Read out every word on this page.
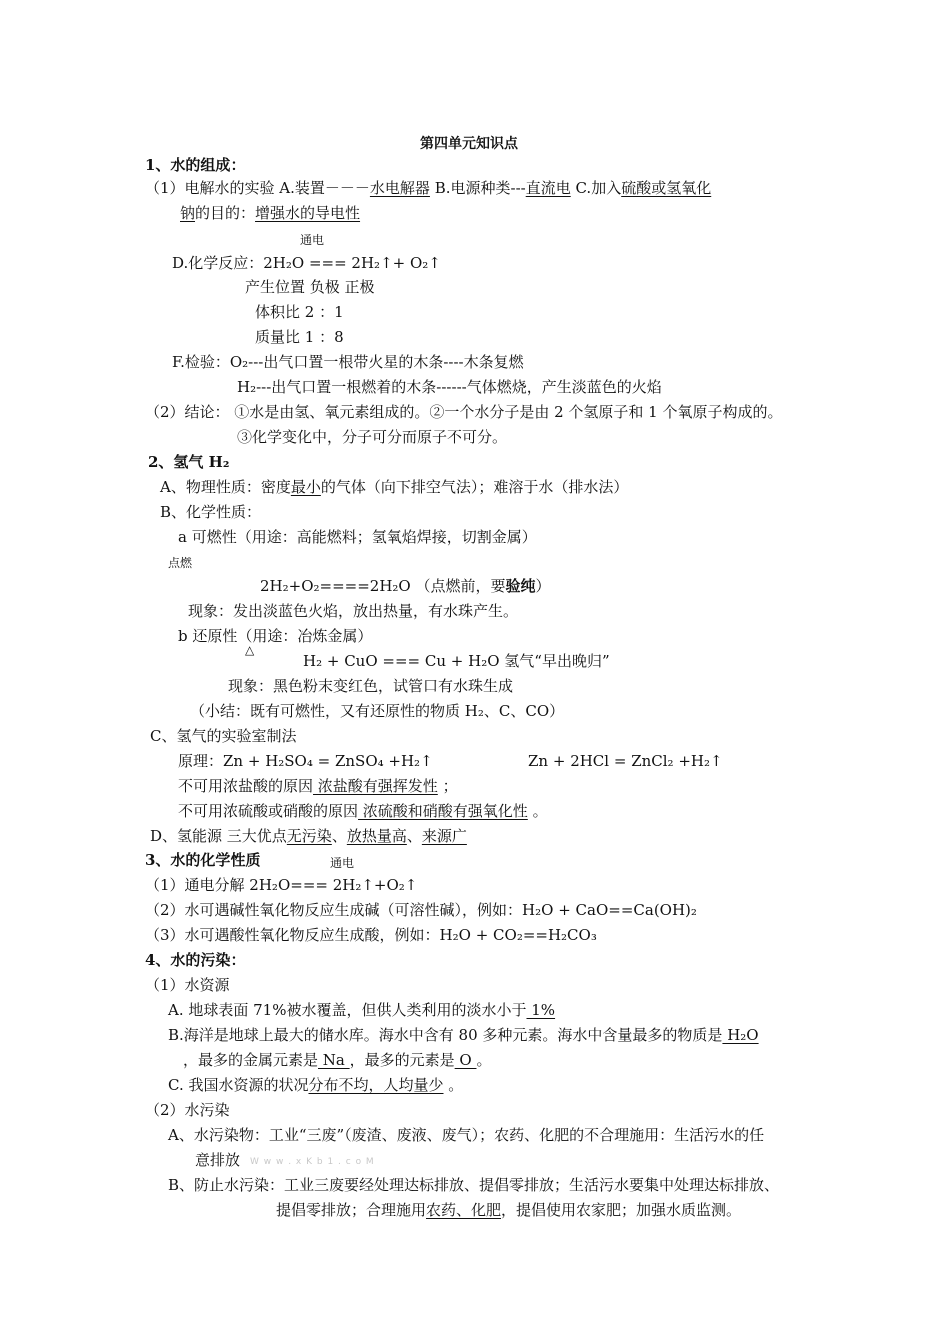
第四单元知识点
1、水的组成：
（1）电解水的实验 A.装置－－－水电解器 B.电源种类---直流电 C.加入硫酸或氢氧化
钠的目的：增强水的导电性
通电
D.化学反应：2H₂O === 2H₂↑+ O₂↑
产生位置 负极 正极
体积比 2 ：1
质量比 1 ：8
F.检验：O₂---出气口置一根带火星的木条----木条复燃
H₂---出气口置一根燃着的木条------气体燃烧，产生淡蓝色的火焰
（2）结论： ①水是由氢、氧元素组成的。②一个水分子是由 2 个氢原子和 1 个氧原子构成的。
③化学变化中，分子可分而原子不可分。
2、氢气 H₂
A、物理性质：密度最小的气体（向下排空气法）；难溶于水（排水法）
B、化学性质：
a 可燃性（用途：高能燃料；氢氧焰焊接，切割金属）
点燃
2H₂+O₂====2H₂O （点燃前，要验纯）
现象：发出淡蓝色火焰，放出热量，有水珠产生。
b 还原性（用途：冶炼金属）
△
H₂ + CuO === Cu + H₂O 氢气“早出晚归”
现象：黑色粉末变红色，试管口有水珠生成
（小结：既有可燃性，又有还原性的物质 H₂、C、CO）
C、氢气的实验室制法
原理：Zn + H₂SO₄ = ZnSO₄ +H₂↑	Zn + 2HCl = ZnCl₂ +H₂↑
不可用浓盐酸的原因 浓盐酸有强挥发性 ；
不可用浓硫酸或硝酸的原因 浓硫酸和硝酸有强氧化性 。
D、氢能源 三大优点无污染、放热量高、来源广
3、水的化学性质	通电
（1）通电分解 2H₂O=== 2H₂↑+O₂↑
（2）水可遇碱性氧化物反应生成碱（可溶性碱），例如：H₂O + CaO==Ca(OH)₂
（3）水可遇酸性氧化物反应生成酸，例如：H₂O + CO₂==H₂CO₃
4、水的污染：
（1）水资源
A. 地球表面 71%被水覆盖，但供人类利用的淡水小于 1%
B.海洋是地球上最大的储水库。海水中含有 80 多种元素。海水中含量最多的物质是 H₂O
，最多的金属元素是 Na ，最多的元素是 O 。
C. 我国水资源的状况分布不均，人均量少 。
（2）水污染
A、水污染物：工业“三废”（废渣、废液、废气）；农药、化肥的不合理施用：生活污水的任
意排放 W w w . x K b 1 . c o M
B、防止水污染：工业三废要经处理达标排放、提倡零排放；生活污水要集中处理达标排放、
提倡零排放；合理施用农药、化肥，提倡使用农家肥；加强水质监测。
